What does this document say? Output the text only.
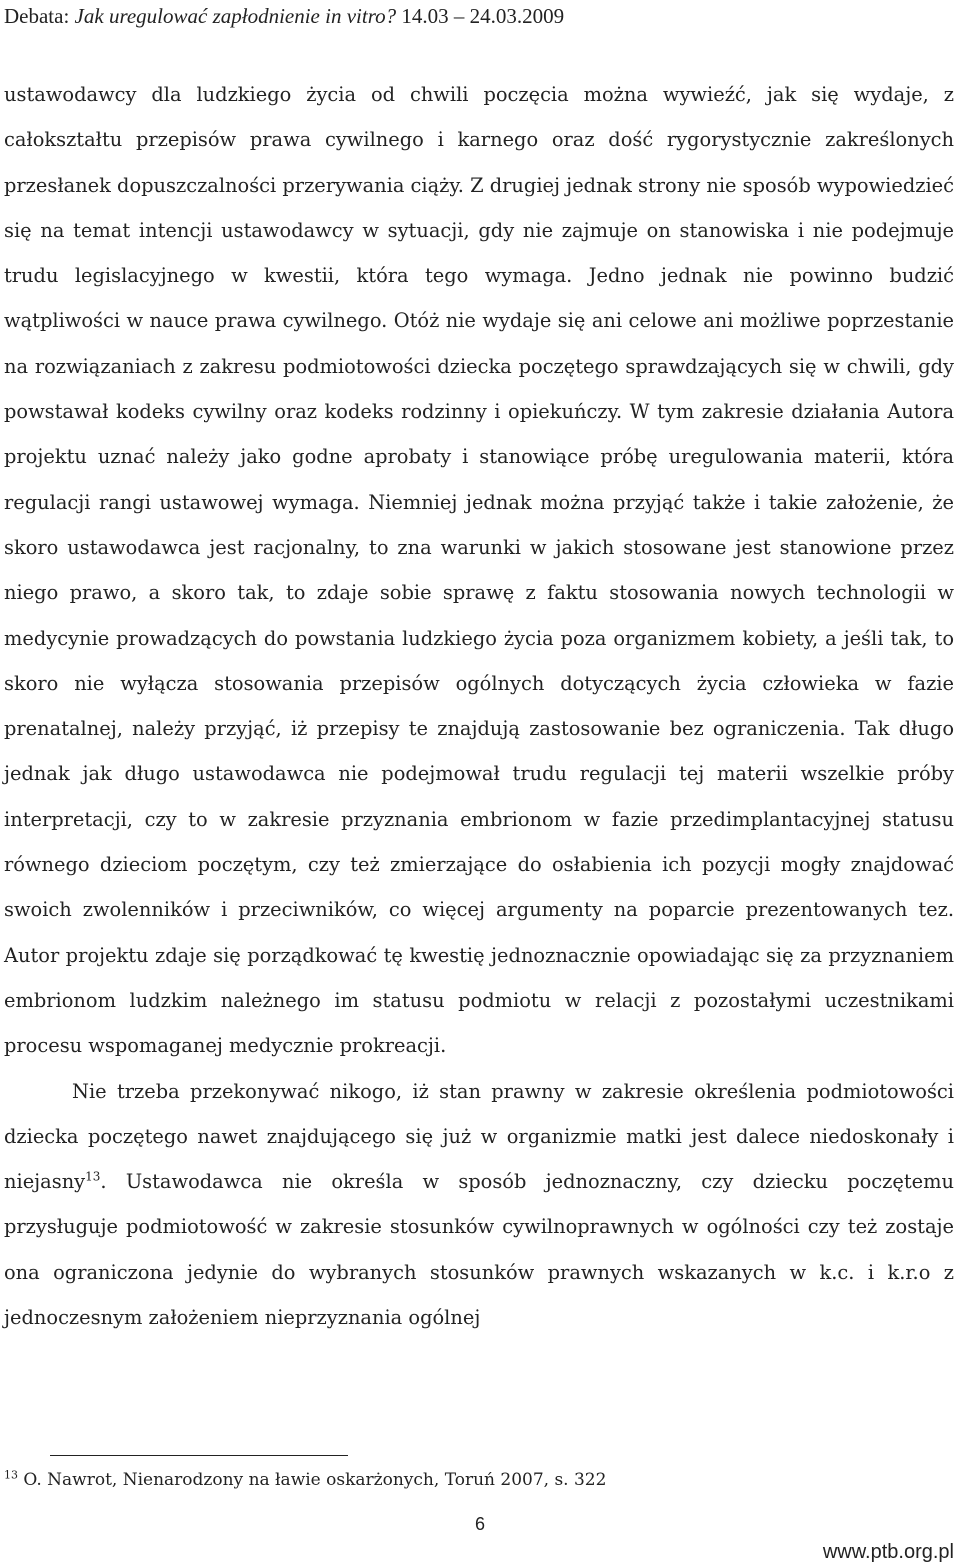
Debata: Jak uregulować zapłodnienie in vitro? 14.03 – 24.03.2009

ustawodawcy dla ludzkiego życia od chwili poczęcia można wywieźć, jak się wydaje, z całokształtu przepisów prawa cywilnego i karnego oraz dość rygorystycznie zakreślonych przesłanek dopuszczalności przerywania ciąży. Z drugiej jednak strony nie sposób wypowiedzieć się na temat intencji ustawodawcy w sytuacji, gdy nie zajmuje on stanowiska i nie podejmuje trudu legislacyjnego w kwestii, która tego wymaga. Jedno jednak nie powinno budzić wątpliwości w nauce prawa cywilnego. Otóż nie wydaje się ani celowe ani możliwe poprzestanie na rozwiązaniach z zakresu podmiotowości dziecka poczętego sprawdzających się w chwili, gdy powstawał kodeks cywilny oraz kodeks rodzinny i opiekuńczy. W tym zakresie działania Autora projektu uznać należy jako godne aprobaty i stanowiące próbę uregulowania materii, która regulacji rangi ustawowej wymaga. Niemniej jednak można przyjąć także i takie założenie, że skoro ustawodawca jest racjonalny, to zna warunki w jakich stosowane jest stanowione przez niego prawo, a skoro tak, to zdaje sobie sprawę z faktu stosowania nowych technologii w medycynie prowadzących do powstania ludzkiego życia poza organizmem kobiety, a jeśli tak, to skoro nie wyłącza stosowania przepisów ogólnych dotyczących życia człowieka w fazie prenatalnej, należy przyjąć, iż przepisy te znajdują zastosowanie bez ograniczenia. Tak długo jednak jak długo ustawodawca nie podejmował trudu regulacji tej materii wszelkie próby interpretacji, czy to w zakresie przyznania embrionom w fazie przedimplantacyjnej statusu równego dzieciom poczętym, czy też zmierzające do osłabienia ich pozycji mogły znajdować swoich zwolenników i przeciwników, co więcej argumenty na poparcie prezentowanych tez. Autor projektu zdaje się porządkować tę kwestię jednoznacznie opowiadając się za przyznaniem embrionom ludzkim należnego im statusu podmiotu w relacji z pozostałymi uczestnikami procesu wspomaganej medycznie prokreacji.

Nie trzeba przekonywać nikogo, iż stan prawny w zakresie określenia podmiotowości dziecka poczętego nawet znajdującego się już w organizmie matki jest dalece niedoskonały i niejasny$^{13}$. Ustawodawca nie określa w sposób jednoznaczny, czy dziecku poczętemu przysługuje podmiotowość w zakresie stosunków cywilnoprawnych w ogólności czy też zostaje ona ograniczona jedynie do wybranych stosunków prawnych wskazanych w k.c. i k.r.o z jednoczesnym założeniem nieprzyznania ogólnej

$^{13}$ O. Nawrot, Nienarodzony na ławie oskarżonych, Toruń 2007, s. 322
6
www.ptb.org.pl
